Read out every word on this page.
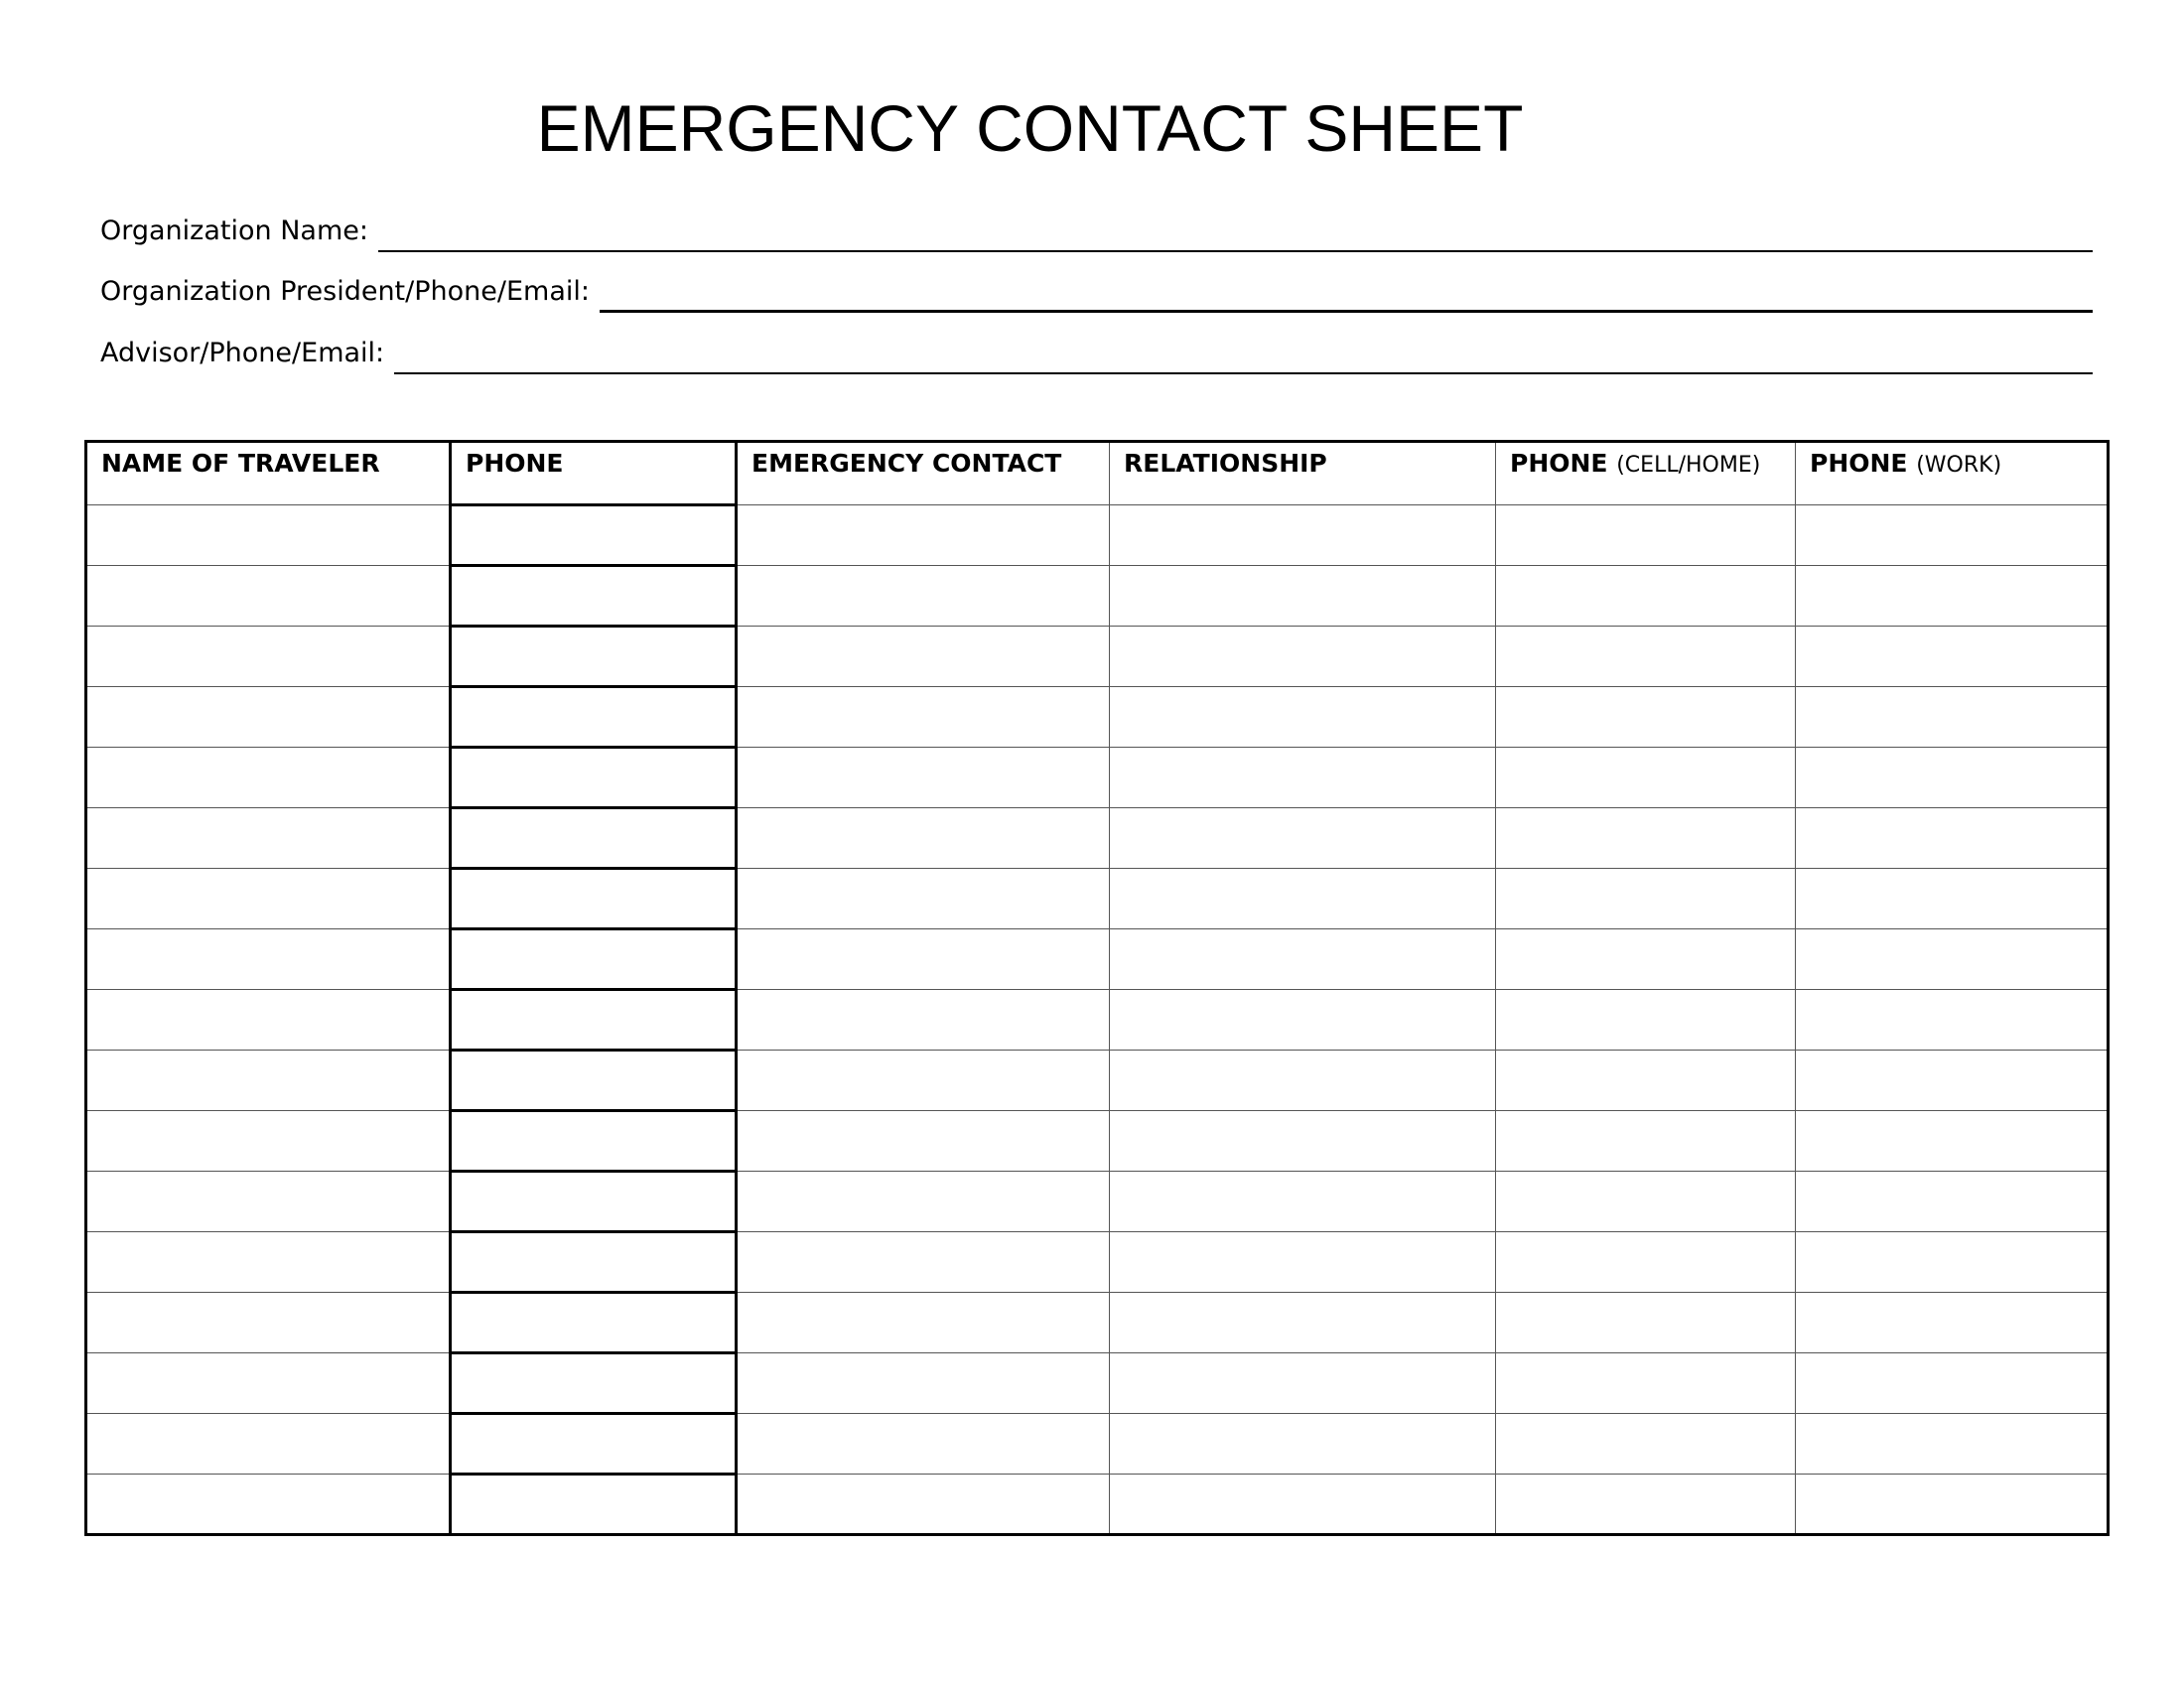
EMERGENCY CONTACT SHEET
Organization Name:
Organization President/Phone/Email:
Advisor/Phone/Email:
NAME OF TRAVELER	PHONE	EMERGENCY CONTACT	RELATIONSHIP	PHONE (CELL/HOME)	PHONE (WORK)
